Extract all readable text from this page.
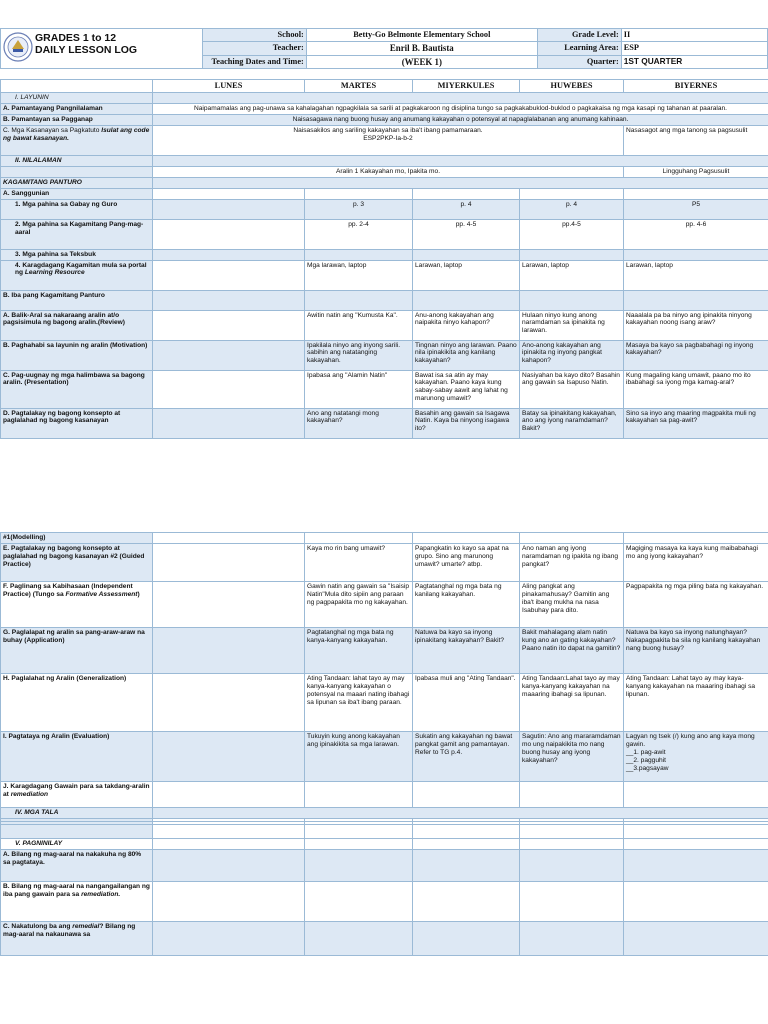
GRADES 1 to 12
DAILY LESSON LOG	School:	Betty-Go Belmonte Elementary School	Grade Level:	II
	Teacher:	Enril B. Bautista	Learning Area:	ESP
	Teaching Dates and Time:	(WEEK 1)	Quarter:	1ST QUARTER
	LUNES	MARTES	MIYERKULES	HUWEBES	BIYERNES
I. LAYUNIN					
A. Pamantayang Pangnilalaman	Naipamamalas ang pag-unawa sa kahalagahan ngpagkilala sa sarili at pagkakaroon ng disiplina tungo sa pagkakabuklod-buklod o pagkakaisa ng mga kasapi ng tahanan at paaralan.				
B. Pamantayan sa Pagganap	Naisasagawa nang buong husay ang anumang kakayahan o potensyal at napaglalabanan ang anumang kahinaan.				
C. Mga Kasanayan sa Pagkatuto Isulat ang code ng bawat kasanayan.	Naisasakilos ang sariling kakayahan sa iba't ibang pamamaraan.
ESP2PKP-Ia-b-2				Nasasagot ang mga tanong sa pagsusulit
II. NILALAMAN					
	Aralin 1 Kakayahan mo, Ipakita mo.				Lingguhang Pagsusulit
KAGAMITANG PANTURO					
A. Sanggunian					
1. Mga pahina sa Gabay ng Guro		p. 3	p. 4	p. 4	P5
2. Mga pahina sa Kagamitang Pang-mag-aaral		pp. 2-4	pp. 4-5	pp.4-5	pp. 4-6
3. Mga pahina sa Teksbuk					
4. Karagdagang Kagamitan mula sa portal ng Learning Resource		Mga larawan, laptop	Larawan, laptop	Larawan, laptop	Larawan, laptop
B. Iba pang Kagamitang Panturo					
A. Balik-Aral sa nakaraang aralin at/o pagsisimula ng bagong aralin.(Review)		Awitin natin ang "Kumusta Ka".	Anu-anong kakayahan ang naipakita ninyo kahapon?	Hulaan ninyo kung anong naramdaman sa ipinakita ng larawan.	Naaalala pa ba ninyo ang ipinakita ninyong kakayahan noong isang araw?
B. Paghahabi sa layunin ng aralin (Motivation)		Ipakilala ninyo ang inyong sarili. sabihin ang natatanging kakayahan.	Tingnan ninyo ang larawan. Paano nila ipinakikita ang kanilang kakayahan?	Ano-anong kakayahan ang ipinakita ng inyong pangkat kahapon?	Masaya ba kayo sa pagbabahagi ng inyong kakayahan?
C. Pag-uugnay ng mga halimbawa sa bagong aralin. (Presentation)		Ipabasa ang "Alamin Natin"	Bawat isa sa atin ay may kakayahan. Paano kaya kung sabay-sabay aawit ang lahat ng marunong umawit?	Nasiyahan ba kayo dito? Basahin ang gawain sa Isapuso Natin.	Kung magaling kang umawit, paano mo ito ibabahagi sa iyong mga kamag-aral?
D. Pagtalakay ng bagong konsepto at paglalahad ng bagong kasanayan		Ano ang natatangi mong kakayahan?	Basahin ang gawain sa Isagawa Natin. Kaya ba ninyong isagawa ito?	Batay sa ipinakitang kakayahan, ano ang iyong naramdaman? Bakit?	Sino sa inyo ang maaring magpakita muli ng kakayahan sa pag-awit?
#1(Modelling)					
E. Pagtalakay ng bagong konsepto at paglalahad ng bagong kasanayan #2 (Guided Practice)		Kaya mo rin bang umawit?	Papangkatin ko kayo sa apat na grupo. Sino ang marunong umawit? umarte? atbp.	Ano naman ang iyong naramdaman ng ipakita ng ibang pangkat?	Magiging masaya ka kaya kung maibabahagi mo ang iyong kakayahan?
F. Paglinang sa Kabihasaan (Independent Practice) (Tungo sa Formative Assessment)		Gawin natin ang gawain sa "Isaisip Natin"Mula dito sipiin ang paraan ng pagpapakita mo ng kakayahan.	Pagtatanghal ng mga bata ng kanilang kakayahan.	Aling pangkat ang pinakamahusay? Gamitin ang iba't ibang mukha na nasa Isabuhay para dito.	Pagpapakita ng mga piling bata ng kakayahan.
G. Paglalapat ng aralin sa pang-araw-araw na buhay (Application)		Pagtatanghal ng mga bata ng kanya-kanyang kakayahan.	Natuwa ba kayo sa inyong ipinakitang kakayahan? Bakit?	Bakit mahalagang alam natin kung ano an gating kakayahan? Paano natin ito dapat na gamitin?	Natuwa ba kayo sa inyong natunghayan? Nakapagpakita ba sila ng kanilang kakayahan nang buong husay?
H. Paglalahat ng Aralin (Generalization)		Ating Tandaan: lahat tayo ay may kanya-kanyang kakayahan o potensyal na maaari nating ibahagi sa lipunan sa iba't ibang paraan.	Ipabasa muli ang "Ating Tandaan".	Ating Tandaan:Lahat tayo ay may kanya-kanyang kakayahan na maaaring ibahagi sa lipunan.	Ating Tandaan: Lahat tayo ay may kaya-kanyang kakayahan na maaaring ibahagi sa lipunan.
I. Pagtataya ng Aralin (Evaluation)		Tukuyin kung anong kakayahan ang ipinakikita sa mga larawan.	Sukatin ang kakayahan ng bawat pangkat gamit ang pamantayan. Refer to TG p.4.	Sagutin: Ano ang mararamdaman mo ung naipakikita mo nang buong husay ang iyong kakayahan?	Lagyan ng tsek (/) kung ano ang kaya mong gawin.
__1. pag-awit
__2. pagguhit
__3.pagsayaw
J. Karagdagang Gawain para sa takdang-aralin at remediation					
IV. MGA TALA					

V. PAGNINILAY					
A. Bilang ng mag-aaral na nakakuha ng 80% sa pagtataya.					
B. Bilang ng mag-aaral na nangangailangan ng iba pang gawain para sa remediation.					
C. Nakatulong ba ang remedial? Bilang ng mag-aaral na nakaunawa sa					
